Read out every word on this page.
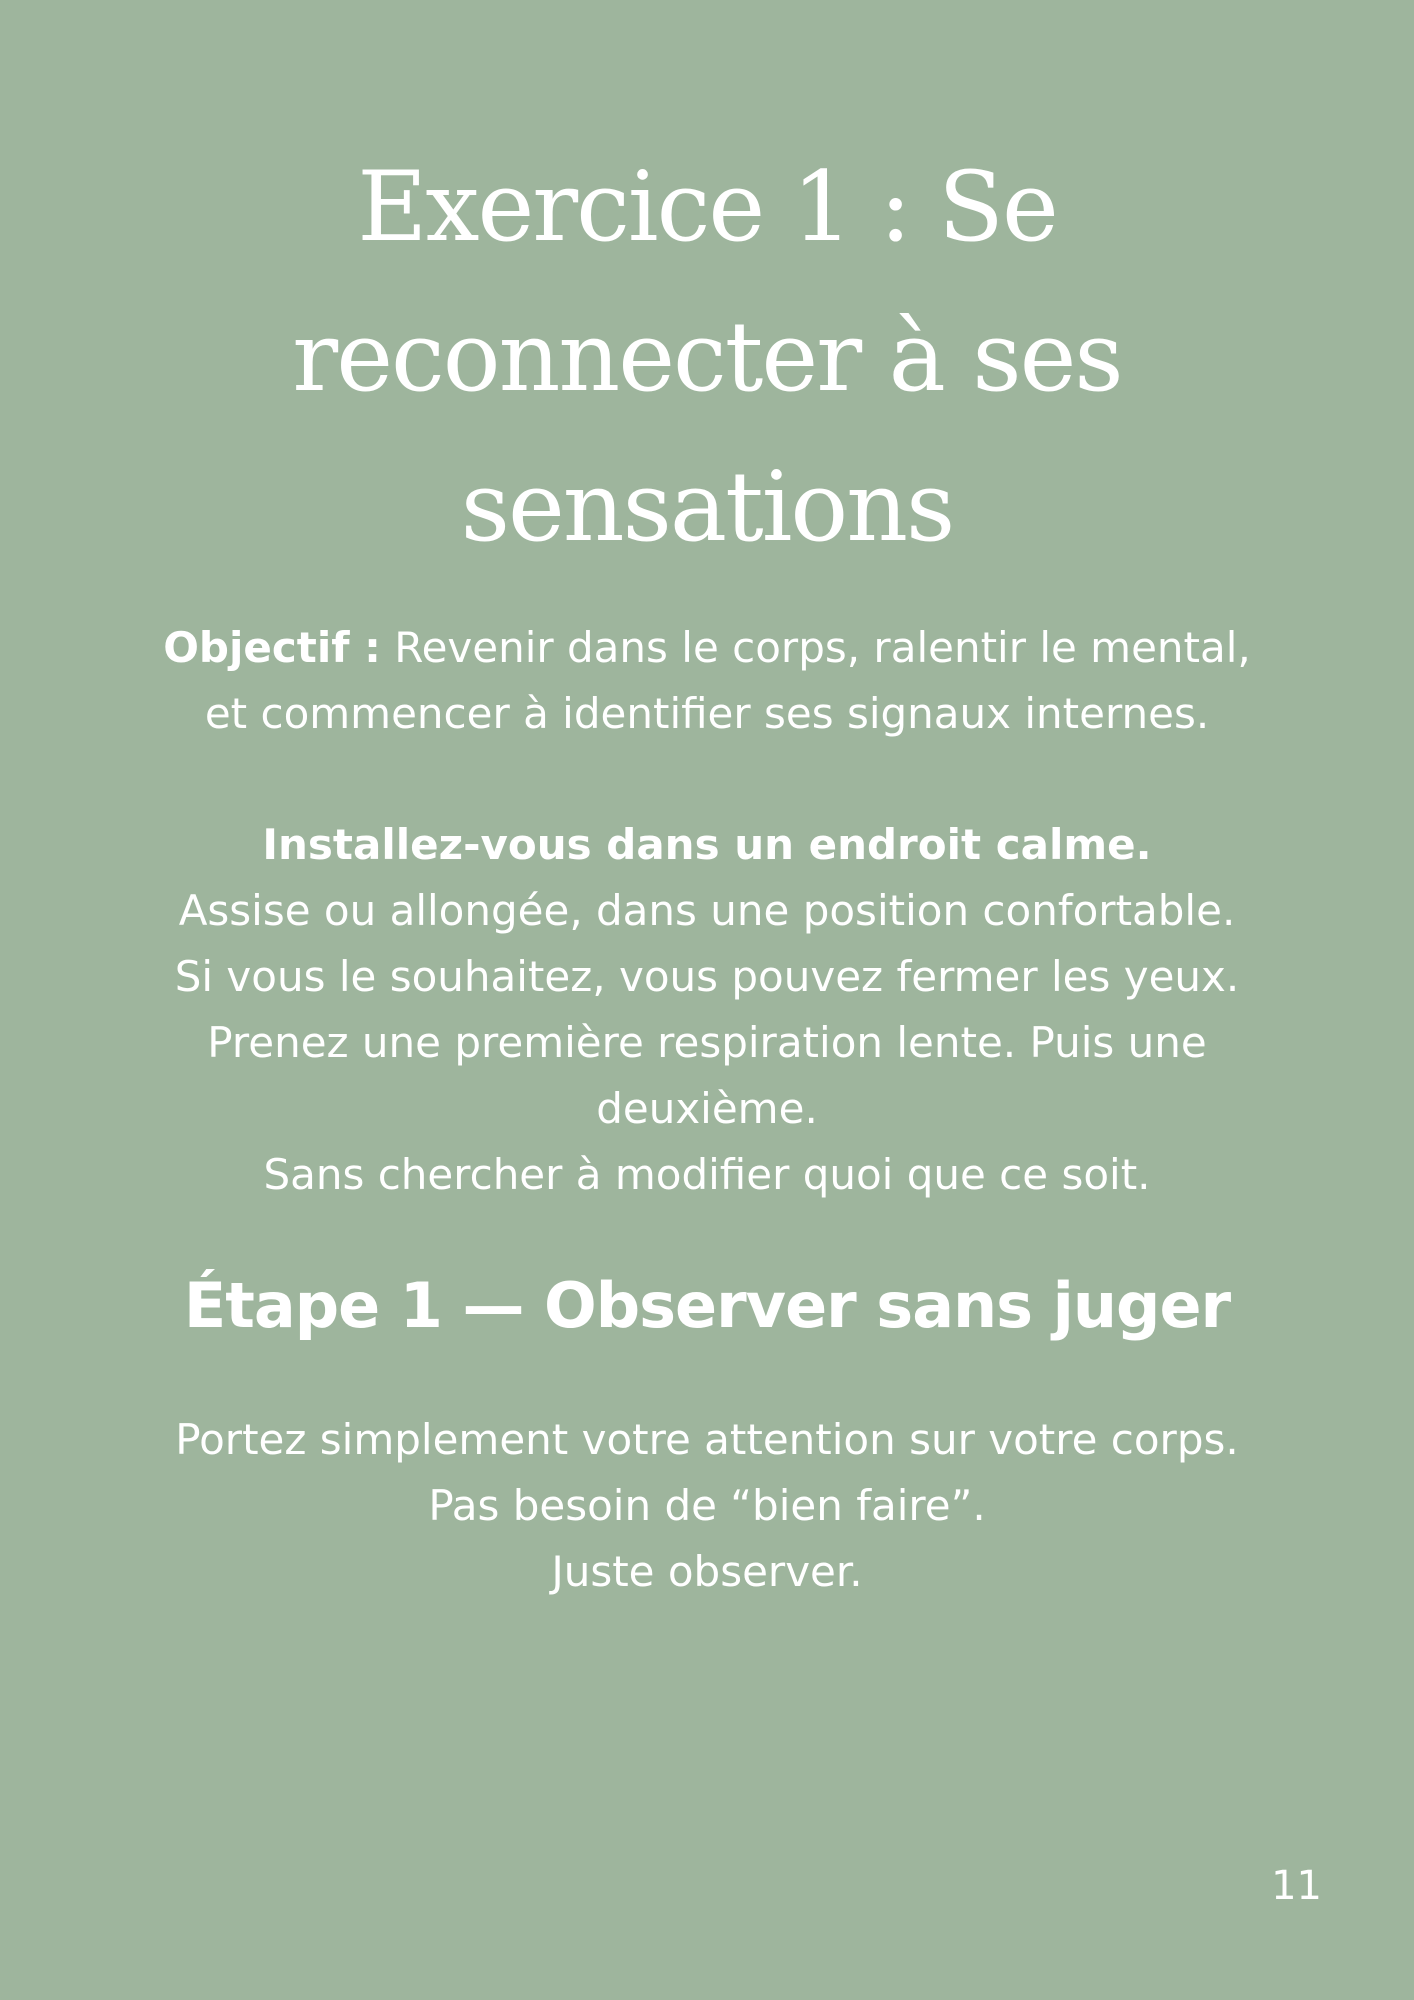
Exercice 1 : Se
reconnecter à ses
sensations
Objectif : Revenir dans le corps, ralentir le mental,
et commencer à identifier ses signaux internes.
Installez-vous dans un endroit calme.
Assise ou allongée, dans une position confortable.
Si vous le souhaitez, vous pouvez fermer les yeux.
Prenez une première respiration lente. Puis une
deuxième.
Sans chercher à modifier quoi que ce soit.
Étape 1 — Observer sans juger
Portez simplement votre attention sur votre corps.
Pas besoin de “bien faire”.
Juste observer.
11
